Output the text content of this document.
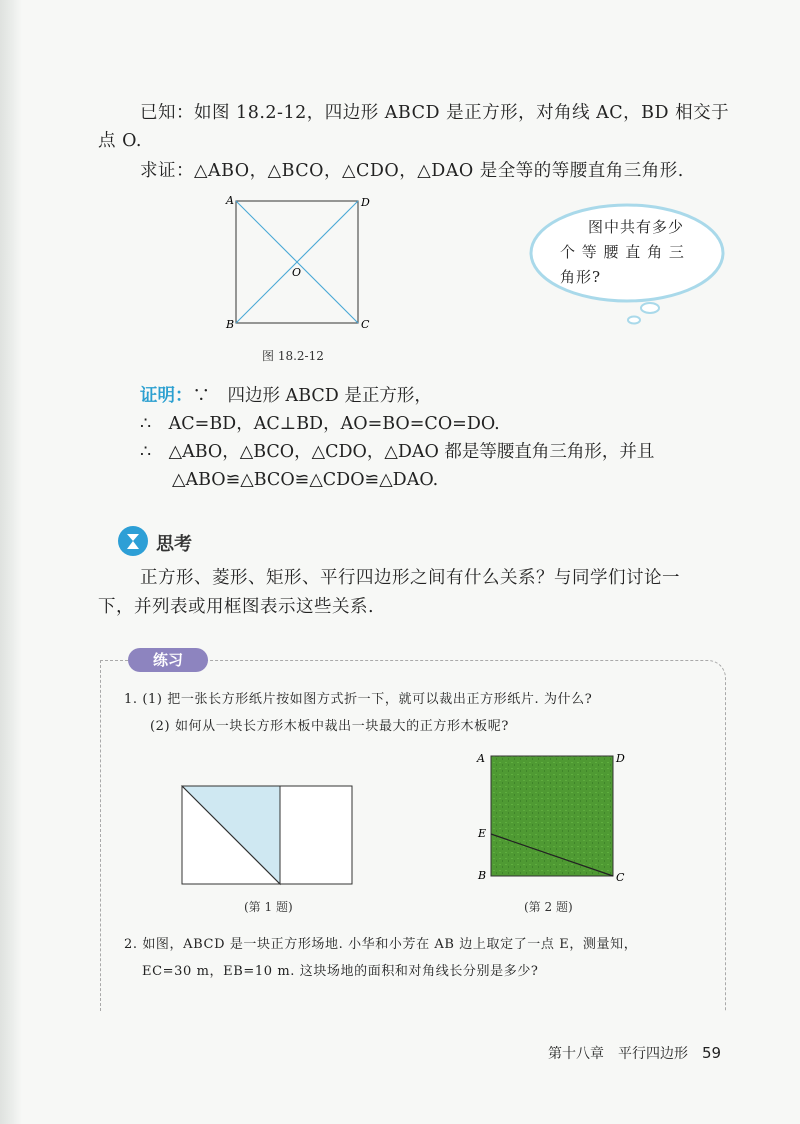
已知：如图 18.2-12，四边形 ABCD 是正方形，对角线 AC，BD 相交于
点 O.
求证：△ABO，△BCO，△CDO，△DAO 是全等的等腰直角三角形.
A	D
B	C
O
图 18.2-12
图中共有多少
个 等 腰 直 角 三
角形?
证明：∵　四边形 ABCD 是正方形，
∴　AC=BD，AC⊥BD，AO=BO=CO=DO.
∴　△ABO，△BCO，△CDO，△DAO 都是等腰直角三角形，并且
△ABO≌△BCO≌△CDO≌△DAO.
思考
正方形、菱形、矩形、平行四边形之间有什么关系？与同学们讨论一
下，并列表或用框图表示这些关系.
练习
1. (1) 把一张长方形纸片按如图方式折一下，就可以裁出正方形纸片. 为什么?
(2) 如何从一块长方形木板中裁出一块最大的正方形木板呢?
(第 1 题)
A	D
E
B	C
(第 2 题)
2. 如图，ABCD 是一块正方形场地. 小华和小芳在 AB 边上取定了一点 E，测量知，
EC=30 m，EB=10 m. 这块场地的面积和对角线长分别是多少?
第十八章　平行四边形 59
